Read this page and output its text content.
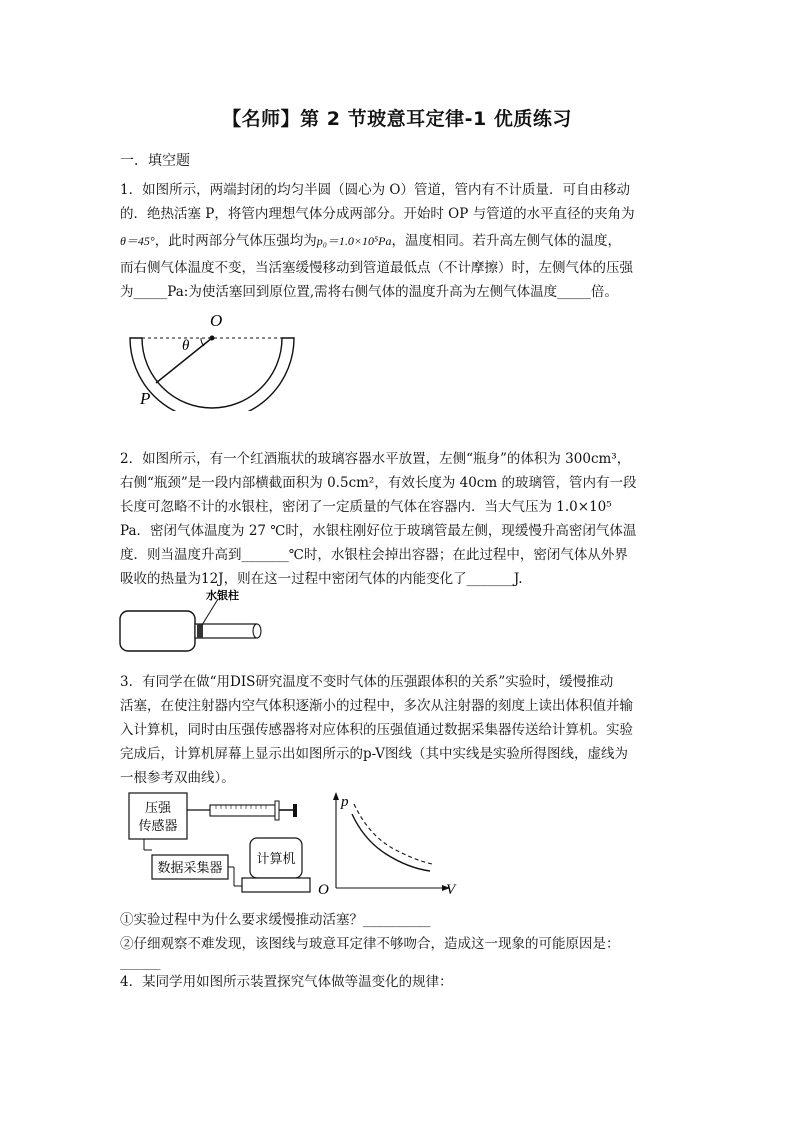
【名师】第 2 节玻意耳定律-1 优质练习
一．填空题
1．如图所示，两端封闭的均匀半圆（圆心为 O）管道，管内有不计质量．可自由移动
的．绝热活塞 P，将管内理想气体分成两部分。开始时 OP 与管道的水平直径的夹角为
θ＝45°，此时两部分气体压强均为p₀＝1.0×10⁵Pa，温度相同。若升高左侧气体的温度，
而右侧气体温度不变，当活塞缓慢移动到管道最低点（不计摩擦）时，左侧气体的压强
为_____Pa:为使活塞回到原位置,需将右侧气体的温度升高为左侧气体温度_____倍。
O
θ
P
2．如图所示，有一个红酒瓶状的玻璃容器水平放置，左侧“瓶身”的体积为 300cm³，
右侧“瓶颈”是一段内部横截面积为 0.5cm²，有效长度为 40cm 的玻璃管，管内有一段
长度可忽略不计的水银柱，密闭了一定质量的气体在容器内．当大气压为 1.0×10⁵
Pa．密闭气体温度为 27 ℃时，水银柱刚好位于玻璃管最左侧，现缓慢升高密闭气体温
度．则当温度升高到_______℃时，水银柱会掉出容器；在此过程中，密闭气体从外界
吸收的热量为12J，则在这一过程中密闭气体的内能变化了_______J.
水银柱
3．有同学在做“用DIS研究温度不变时气体的压强跟体积的关系”实验时，缓慢推动
活塞，在使注射器内空气体积逐渐小的过程中，多次从注射器的刻度上读出体积值并输
入计算机，同时由压强传感器将对应体积的压强值通过数据采集器传送给计算机。实验
完成后，计算机屏幕上显示出如图所示的p-V图线（其中实线是实验所得图线，虚线为
一根参考双曲线）。
压强
传感器
数据采集器
计算机
p
V
O
①实验过程中为什么要求缓慢推动活塞？__________
②仔细观察不难发现，该图线与玻意耳定律不够吻合，造成这一现象的可能原因是：
______
4．某同学用如图所示装置探究气体做等温变化的规律：
